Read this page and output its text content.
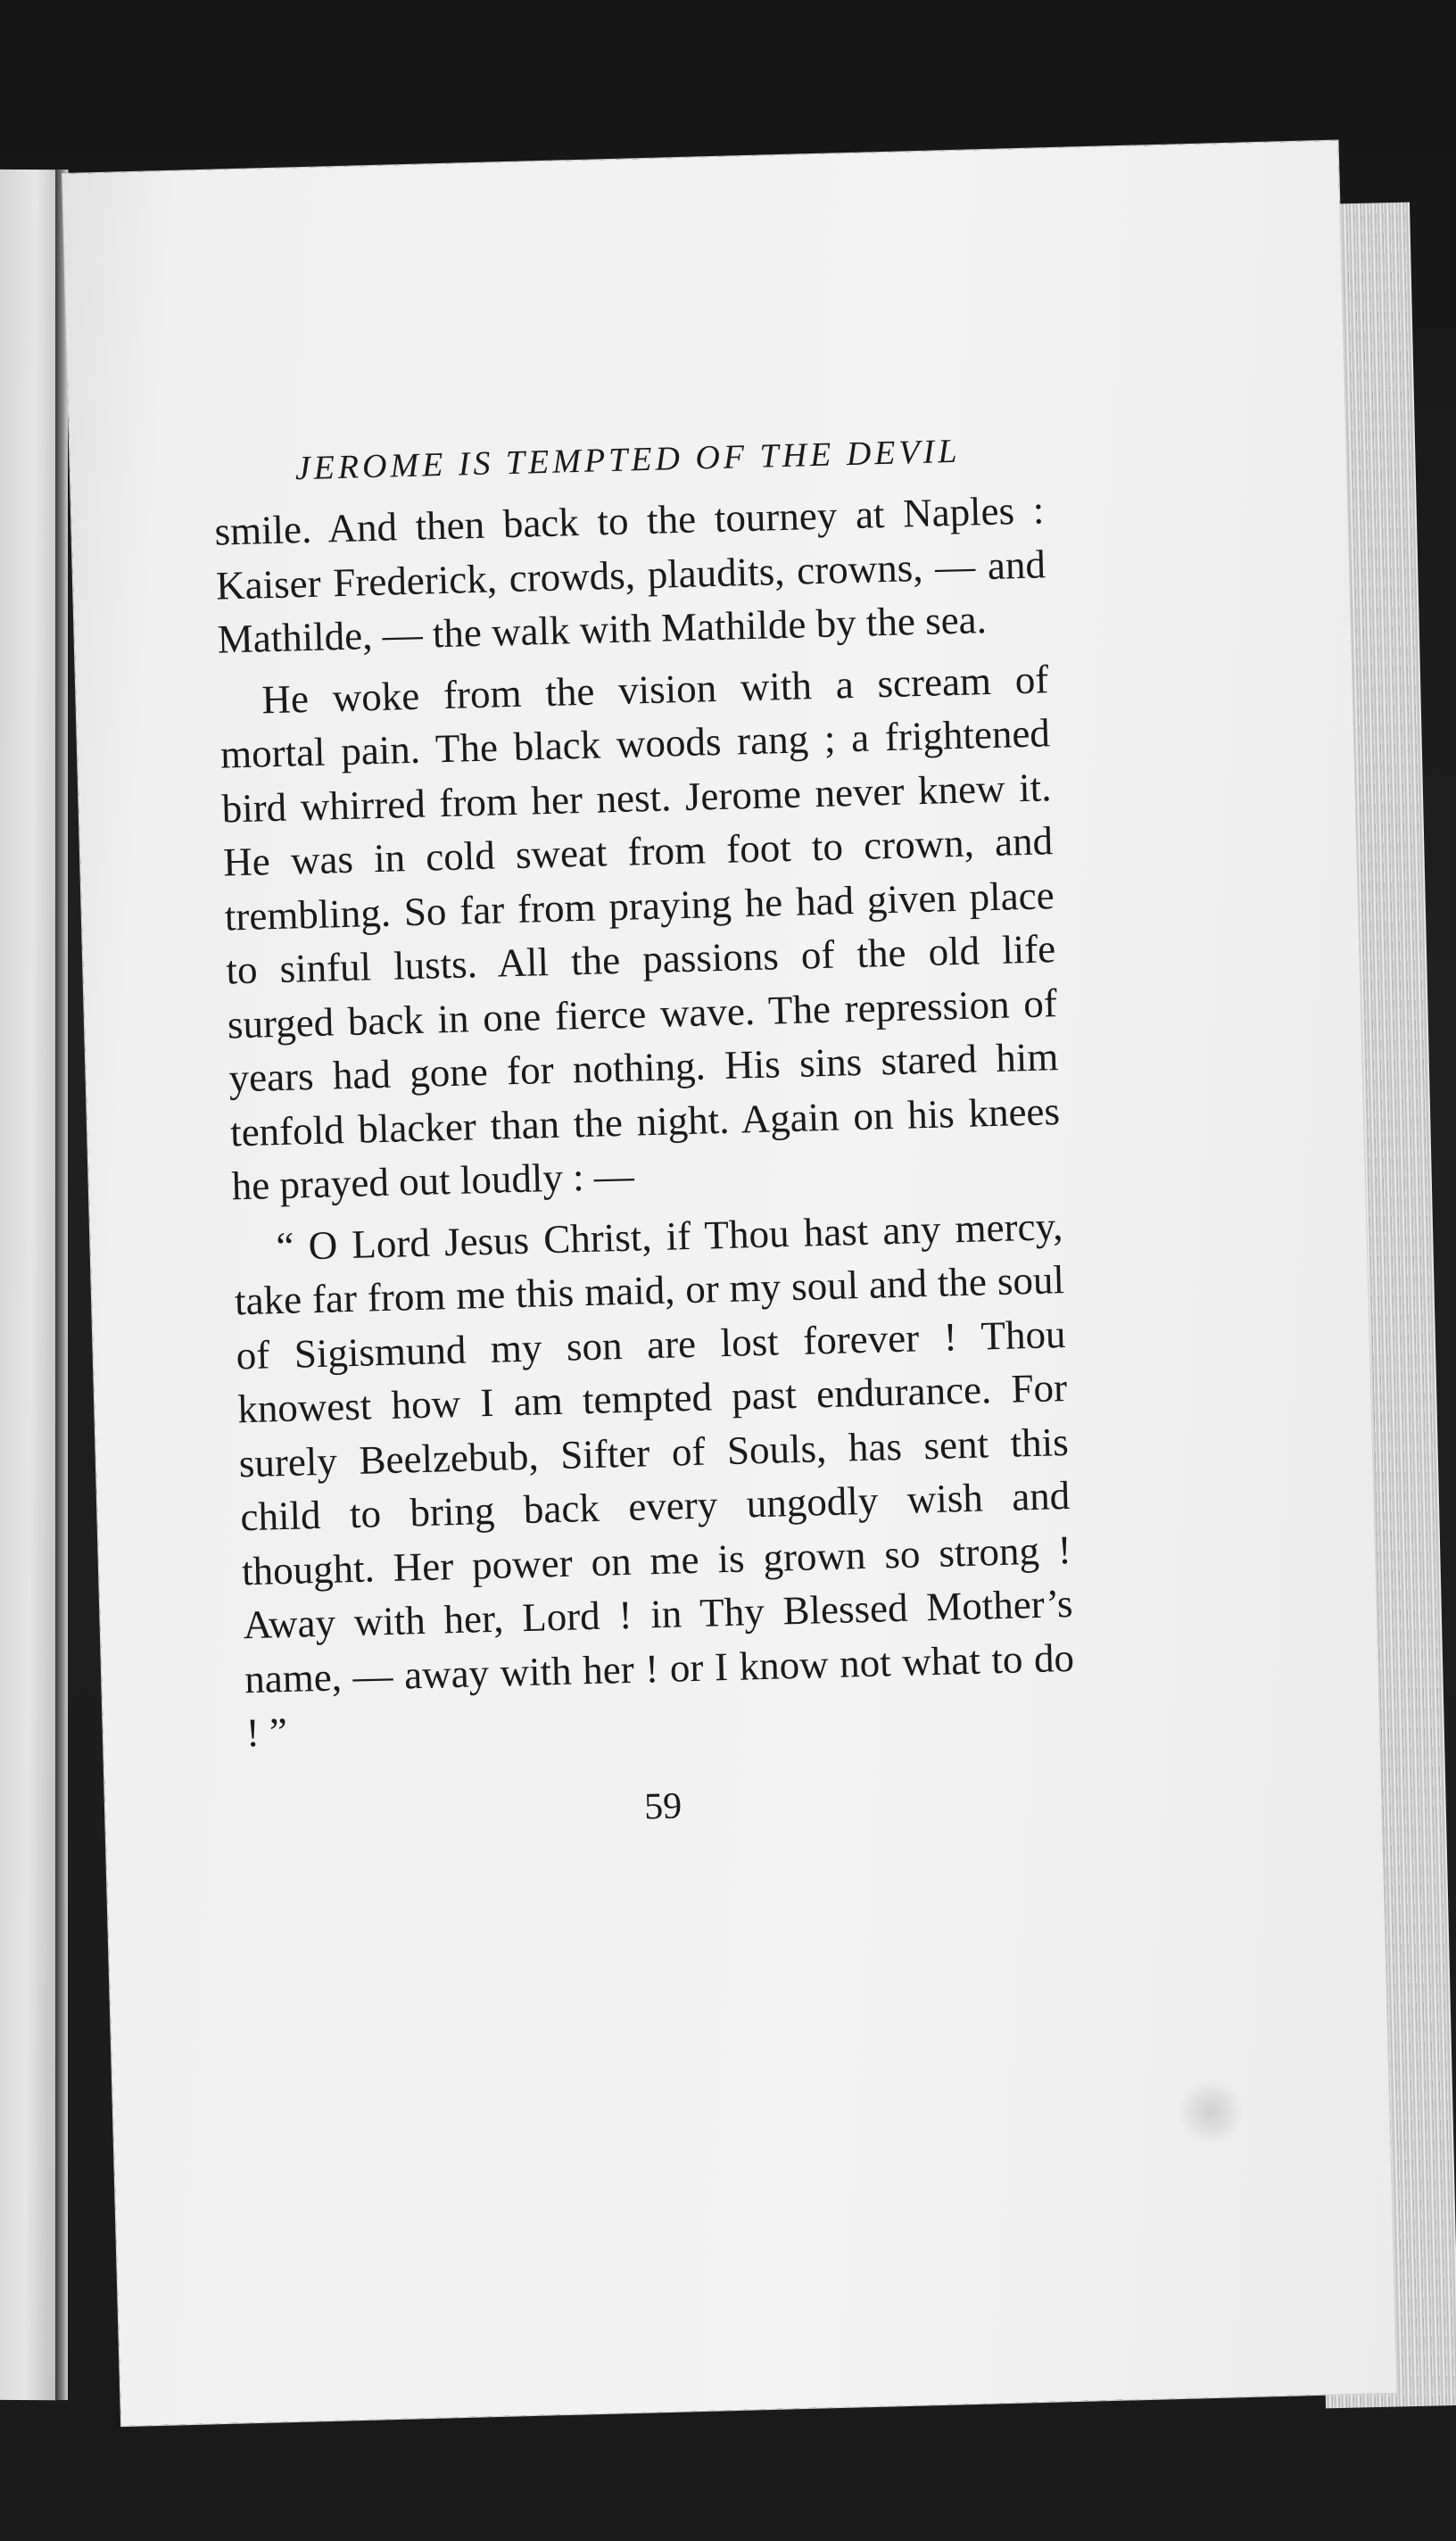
JEROME IS TEMPTED OF THE DEVIL

smile. And then back to the tourney at Naples : Kaiser Frederick, crowds, plaudits, crowns, — and Mathilde, — the walk with Mathilde by the sea.

He woke from the vision with a scream of mortal pain. The black woods rang ; a frightened bird whirred from her nest. Jerome never knew it. He was in cold sweat from foot to crown, and trembling. So far from praying he had given place to sinful lusts. All the passions of the old life surged back in one fierce wave. The repression of years had gone for nothing. His sins stared him tenfold blacker than the night. Again on his knees he prayed out loudly : —

“ O Lord Jesus Christ, if Thou hast any mercy, take far from me this maid, or my soul and the soul of Sigismund my son are lost forever ! Thou knowest how I am tempted past endurance. For surely Beelzebub, Sifter of Souls, has sent this child to bring back every ungodly wish and thought. Her power on me is grown so strong ! Away with her, Lord ! in Thy Blessed Mother’s name, — away with her ! or I know not what to do ! ”

59
